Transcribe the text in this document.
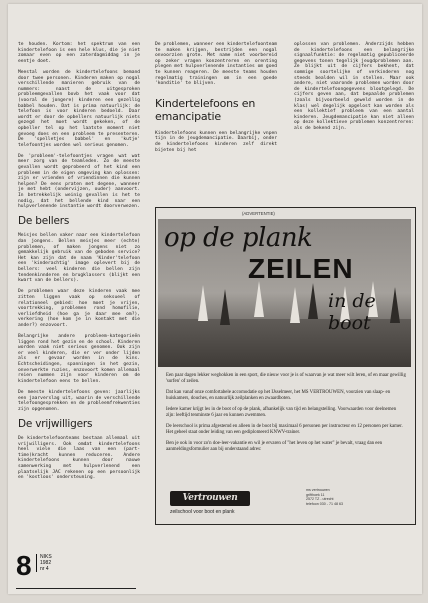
te houden. Kortom: het spektrum van een kindertelefoon is een hele klus, die je niet zomaar even op een zaterdagmiddag in je eentje doet.

Meestal worden de kindertelefoons bemand door twee personen. Kinderen maken op nogal verschillende manieren gebruik van de nummers: naast de uitgesproken probleemgevallen bovb het vaak voor dat (vooral de jongere) kinderen een gezellig babbel houden. Dat is prima natuurlijk: de telefoon is voor kinderen bedoeld. Daar wordt er door de opbellers natuurlijk niets gezegd het moet wordt gekeken, of de opbeller tel op het laatste moment niet gevoeg does en een probleem te presenteren. De 'spelletjes babbel' en 'kutje' telefoontjes worden wel serieus genomen.

De 'probleem'-telefoontjes vragen wat wat meer zorg van de teamleden. Zo de meeste gevallen wordt geprobeerd of het kind een probleem in de eigen omgeving kan oplossen: zijn er vrienden of vriendinnen die kunnen helpen? De eens praten met degene, wanneer je met hebt (ondervijzen, ouder) aanvoort. In betrekkelijk weinig gevallen is het te nodig, dat het bellende kind naar een hulpverlenende instantie wordt doorverwezen.

De bellers

Meisjes bellen vaker naar een kindertelefoon dan jongens. Bellen meisjes meer (echte) problemen, of maken jongens niet zo gemakkelijk gebruik van de geboden service? Het kan zijn dat de naam 'Kinder'telefoon een 'kinderachtig' image oplevert bij de bellers: veel kinderen die bellen zijn tendenkinnderen en brugklassers (blijkt een kwart van de bellers).

De problemen waar deze kinderen vaak mee zitten liggen vaak op seksueel of relationeel gebied: hoe moet je vrijen, voortrekking, problemen rond homofilie, verliefdheid (hoe ga je daar mee om?), verkering (hoe kom je in kontakt met die ander?) enzovoort.

Belangrijke andere probleem-kategorieën liggen rond het gezin en de school. Kinderen worden vaak niet serieus genomen. Ook zijn er veel kinderen, die er ver onder lijden als er gevaar worden in de kins. Echtscheidingen, spanningen in het gezin, onverwerkte ruzies, enzovoort komen allemaal reien nummen zijn voor kinderen om de kindertelefoon eens te bellen.

De meeste kindertelefoons geven: jaarlijks een jaarverslag uit, waarin de verschillende telefoongesprekken en de probleemfrekwenties zijn opgenomen.

De vrijwilligers

De kindertelefoonteams bestaan allemaal uit vrijwilligers. Ook omdat kindertelefoons heel viele die laas van een (part-time)kracht kunnen reduceren. Andere kindertelefoons kunnen door nauwe samenwerking met hulpverlenend een plaatselijk JAC rekenen op een persoonlijk en 'kostloos' ondersteuning.

De problemen, wanneer een kindertelefoonteam te maken krijgen, bestrijden een nogal onvoorzien grote. Met name niet voorbereid op zeker vragen konzentreren en orenting plegen met hulpverlenende instanties om goed te kunnen reageren. De meeste teams houden regelmatig trainingen om in een goede 'konditie' te blijven.

Kindertelefoons en emancipatie

Kindertelefoons kunnen een belangrijke vnpen tijn in de jeugdemancipatie. Daarbij, onder de kindertelefoons kinderen zelf direkt bijeten bij het

oplossen van problemen. Anderzijds hebben de kindertelefoons een belangrijke signaalfunktie: de regelmatig gepubliceerde gegevens tonen tegelijk jeugdproblemen aan. Ze blijkt uit de cijfers bekhent, dat sommige soortelijke of verkinderen nog steeds bealden wil in stellen. Maar ook andere, niet vaaronde problemen worden door de kindertelefoongegevens blootgelegd. De cijfers geven aan, dat bepaalde problemen (zoals bijvoorbeeld geweld worden in de klas) wel degelijk opgelost kan worden als een kollektief probleem van een aantal kinderen. Jeugdemancipatie kan niet alleen op deze kollektieve problemen konzentreren: als de bekend zijn.

(ADVERTENTIE)
op de plank
ZEILEN
in de boot

Een paar dagen lekker weghokken in een sport, die nieuw voor je is of waarvan je wat meer wilt leren, of en maar gewillig 'surfen' of zeilen.

Dat kan vanaf onze comfortabele accomodatie op het IJsselmeer, het MS VERTROUWEN, voorzien van slaap- en huiskamers, douches, en natuurlijk zeilplanken en zwaardboten.

Iedere kamer krijgt les in de boot of op de plank, afhankelijk van tijd en belangstelling. Voorwaarden voor deelnemen zijn: leeftijd tenminste 6 jaar en kunnen zwemmen.

De leerschool is prima afgestemd en alleen in de boot bij maximaal 6 personen per instructeur en 12 personen per kamer. Het geheel staat onder leiding van een gediplomeerd KNWV-trainer.

Ben je ook in voor zo'n doe-leer-vakantie en wil je ervaren of "het leven op het water" je bevalt, vraag dan een aanmeldingsformulier aan bij onderstaand adres:

Vertrouwen
zeilschool voor boot en plank
ms vertrouwen
grifthoek 11
2572 TZ - utrecht
telefoon 030 - 71 48 63
8 NIKS
1982
nr 4
